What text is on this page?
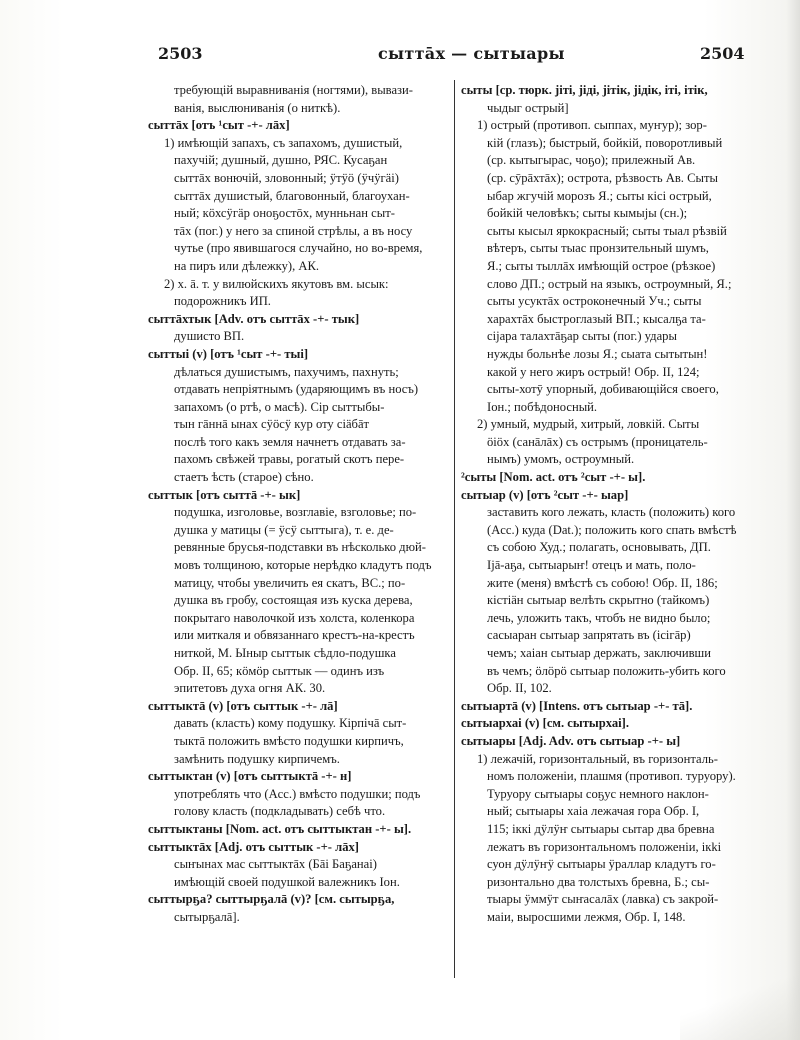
2503	сыттāх — сытыары	2504
требующій выравниванія (ногтями), вывази-
ванія, выслюниванія (о ниткѣ).
сыттāх [отъ ¹сыт -+- лāх]
1) имѣющій запахъ, съ запахомъ, душистый,
пахучій; душный, душно, РЯС. Кусаҕан
сыттāх вонючій, зловонный; ӱтӱӧ (ӱчӱгӓі)
сыттāх душистый, благовонный, благоухан-
ный; кӧхсӱгӓр оноҕостōх, мунньнан сыт-
тāх (пог.) у него за спиной стрѣлы, а въ носу
чутье (про явившагося случайно, но во-время,
на пиръ или дѣлежку), АК.
2) х. ā. т. у вилюйскихъ якутовъ вм. ысык:
подорожникъ ИП.
сыттāхтык [Adv. отъ сыттāх -+- тык]
душисто ВП.
сыттыі (v) [отъ ¹сыт -+- тыі]
дѣлаться душистымъ, пахучимъ, пахнуть;
отдавать непріятнымъ (ударяющимъ въ носъ)
запахомъ (о ртѣ, о масѣ). Сір сыттыбы-
тын гāннā ынах сӱӧсӱ кур оту сіӓбāт
послѣ того какъ земля начнетъ отдавать за-
пахомъ свѣжей травы, рогатый скотъ пере-
стаетъ ѣсть (старое) сѣно.
сыттык [отъ сыттā -+- ык]
подушка, изголовье, возглавіе, взголовье; по-
душка у матицы (= ӱсӱ сыттыга), т. е. де-
ревянные брусья-подставки въ нѣсколько дюй-
мовъ толщиною, которые нерѣдко кладутъ подъ
матицу, чтобы увеличить ея скатъ, ВС.; по-
душка въ гробу, состоящая изъ куска дерева,
покрытаго наволочкой изъ холста, коленкора
или миткаля и обвязаннаго крестъ-на-крестъ
ниткой, М. Ыныр сыттык сѣдло-подушка
Обр. II, 65; кӧмӧр сыттык — одинъ изъ
эпитетовъ духа огня АК. 30.
сыттыктā (v) [отъ сыттык -+- лā]
давать (класть) кому подушку. Кірпічā сыт-
тыктā положить вмѣсто подушки кирпичъ,
замѣнить подушку кирпичемъ.
сыттыктан (v) [отъ сыттыктā -+- н]
употреблять что (Acc.) вмѣсто подушки; подъ
голову класть (подкладывать) себѣ что.
сыттыктаны [Nom. act. отъ сыттыктан -+- ы].
сыттыктāх [Adj. отъ сыттык -+- лāх]
сыҥынах мас сыттыктāх (Бāі Баҕанаі)
имѣющій своей подушкой валежникъ Іон.
сыттырҕа? сыттырҕалā (v)? [см. сытырҕа,
сытырҕалā].
сыты [ср. тюрк. јіті, јіді, јітік, јідік, іті, ітік,
чыдыг острый]
1) острый (противоп. сыппах, муҥур); зор-
кій (глазъ); быстрый, бойкій, поворотливый
(ср. кытыгырас, чоҕо); прилежный Ав.
(ср. сӯрāхтāх); острота, рѣзвость Ав. Сыты
ыбар жгучій морозъ Я.; сыты кісі острый,
бойкій человѣкъ; сыты кымыјы (сн.);
сыты кысыл яркокрасный; сыты тыал рѣзвій
вѣтеръ, сыты тыас пронзительный шумъ,
Я.; сыты тыллāх имѣющій острое (рѣзкое)
слово ДП.; острый на языкъ, остроумный, Я.;
сыты усуктāх остроконечный Уч.; сыты
харахтāх быстроглазый ВП.; кысалҕа та-
сіјара талахтāҕар сыты (пог.) удары
нужды больнѣе лозы Я.; сыата сытытын!
какой у него жиръ острый! Обр. II, 124;
сыты-хотӯ упорный, добивающійся своего,
Іон.; побѣдоносный.
2) умный, мудрый, хитрый, ловкій. Сыты
ӧіӧх (санāлāх) съ острымъ (проницатель-
нымъ) умомъ, остроумный.
²сыты [Nom. act. отъ ²сыт -+- ы].
сытыар (v) [отъ ²сыт -+- ыар]
заставить кого лежать, класть (положить) кого
(Acc.) куда (Dat.); положить кого спать вмѣстѣ
съ собою Худ.; полагать, основывать, ДП.
Іјā-аҕа, сытыарыҥ! отецъ и мать, поло-
жите (меня) вмѣстѣ съ собою! Обр. II, 186;
кістіӓн сытыар велѣть скрытно (тайкомъ)
лечь, уложить такъ, чтобъ не видно было;
сасыаран сытыар запрятать въ (ісігāр)
чемъ; хаіан сытыар держать, заключивши
въ чемъ; ӧлӧрӧ сытыар положить-убить кого
Обр. II, 102.
сытыартā (v) [Intens. отъ сытыар -+- тā].
сытыархаі (v) [см. сытырхаі].
сытыары [Adj. Adv. отъ сытыар -+- ы]
1) лежачій, горизонтальный, въ горизонталь-
номъ положеніи, плашмя (противоп. туруору).
Туруору сытыары соҕус немного наклон-
ный; сытыары хаіа лежачая гора Обр. I,
115; іккі дӱлӱҥ сытыары сытар два бревна
лежатъ въ горизонтальномъ положеніи, ікkі
суон дӱлӱҥӱ сытыары ӱраллар кладутъ го-
ризонтально два толстыхъ бревна, Б.; сы-
тыары ӱммӱт сыҥасалāх (лавка) съ закрой-
маіи, выросшими лежмя, Обр. I, 148.
